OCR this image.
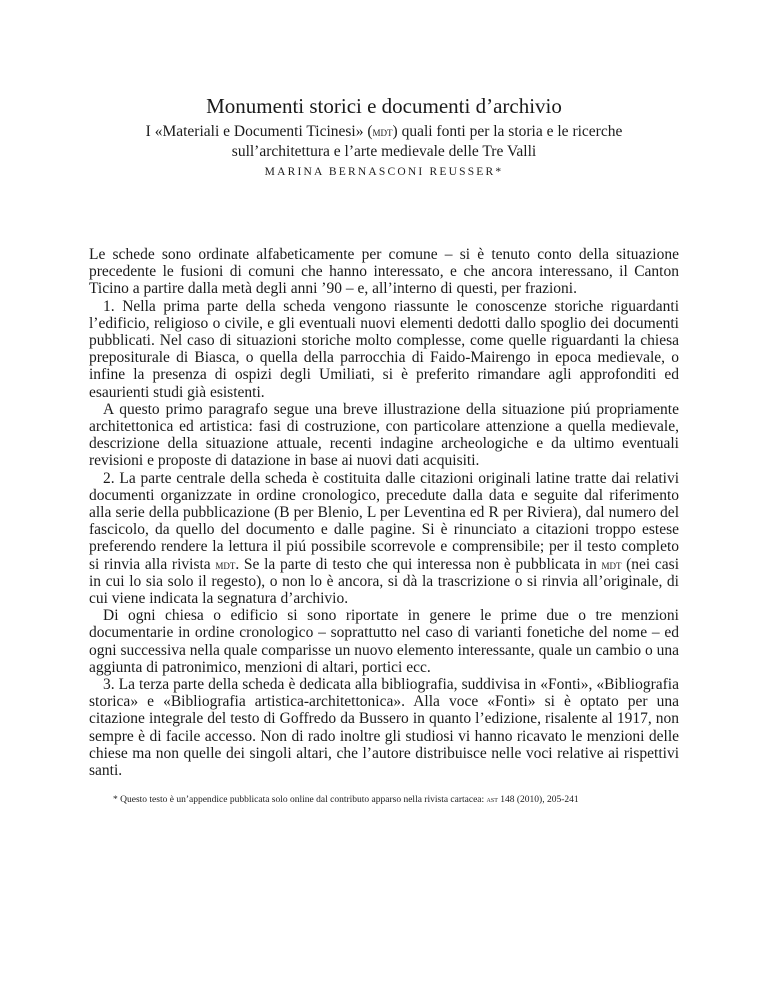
Monumenti storici e documenti d’archivio
I «Materiali e Documenti Ticinesi» (mdt) quali fonti per la storia e le ricerche sull’architettura e l’arte medievale delle Tre Valli
MARINA BERNASCONI REUSSER*

Le schede sono ordinate alfabeticamente per comune – si è tenuto conto della situazione precedente le fusioni di comuni che hanno interessato, e che ancora interessano, il Canton Ticino a partire dalla metà degli anni ’90 – e, all’interno di questi, per frazioni.

1. Nella prima parte della scheda vengono riassunte le conoscenze storiche riguardanti l’edificio, religioso o civile, e gli eventuali nuovi elementi dedotti dallo spoglio dei documenti pubblicati. Nel caso di situazioni storiche molto complesse, come quelle riguardanti la chiesa prepositurale di Biasca, o quella della parrocchia di Faido-Mairengo in epoca medievale, o infine la presenza di ospizi degli Umiliati, si è preferito rimandare agli approfonditi ed esaurienti studi già esistenti.

A questo primo paragrafo segue una breve illustrazione della situazione piú propriamente architettonica ed artistica: fasi di costruzione, con particolare attenzione a quella medievale, descrizione della situazione attuale, recenti indagine archeologiche e da ultimo eventuali revisioni e proposte di datazione in base ai nuovi dati acquisiti.

2. La parte centrale della scheda è costituita dalle citazioni originali latine tratte dai relativi documenti organizzate in ordine cronologico, precedute dalla data e seguite dal riferimento alla serie della pubblicazione (B per Blenio, L per Leventina ed R per Riviera), dal numero del fascicolo, da quello del documento e dalle pagine. Si è rinunciato a citazioni troppo estese preferendo rendere la lettura il piú possibile scorrevole e comprensibile; per il testo completo si rinvia alla rivista mdt. Se la parte di testo che qui interessa non è pubblicata in mdt (nei casi in cui lo sia solo il regesto), o non lo è ancora, si dà la trascrizione o si rinvia all’originale, di cui viene indicata la segnatura d’archivio.

Di ogni chiesa o edificio si sono riportate in genere le prime due o tre menzioni documentarie in ordine cronologico – soprattutto nel caso di varianti fonetiche del nome – ed ogni successiva nella quale comparisse un nuovo elemento interessante, quale un cambio o una aggiunta di patronimico, menzioni di altari, portici ecc.

3. La terza parte della scheda è dedicata alla bibliografia, suddivisa in «Fonti», «Bibliografia storica» e «Bibliografia artistica-architettonica». Alla voce «Fonti» si è optato per una citazione integrale del testo di Goffredo da Bussero in quanto l’edizione, risalente al 1917, non sempre è di facile accesso. Non di rado inoltre gli studiosi vi hanno ricavato le menzioni delle chiese ma non quelle dei singoli altari, che l’autore distribuisce nelle voci relative ai rispettivi santi.

* Questo testo è un’appendice pubblicata solo online dal contributo apparso nella rivista cartacea: ast 148 (2010), 205-241
